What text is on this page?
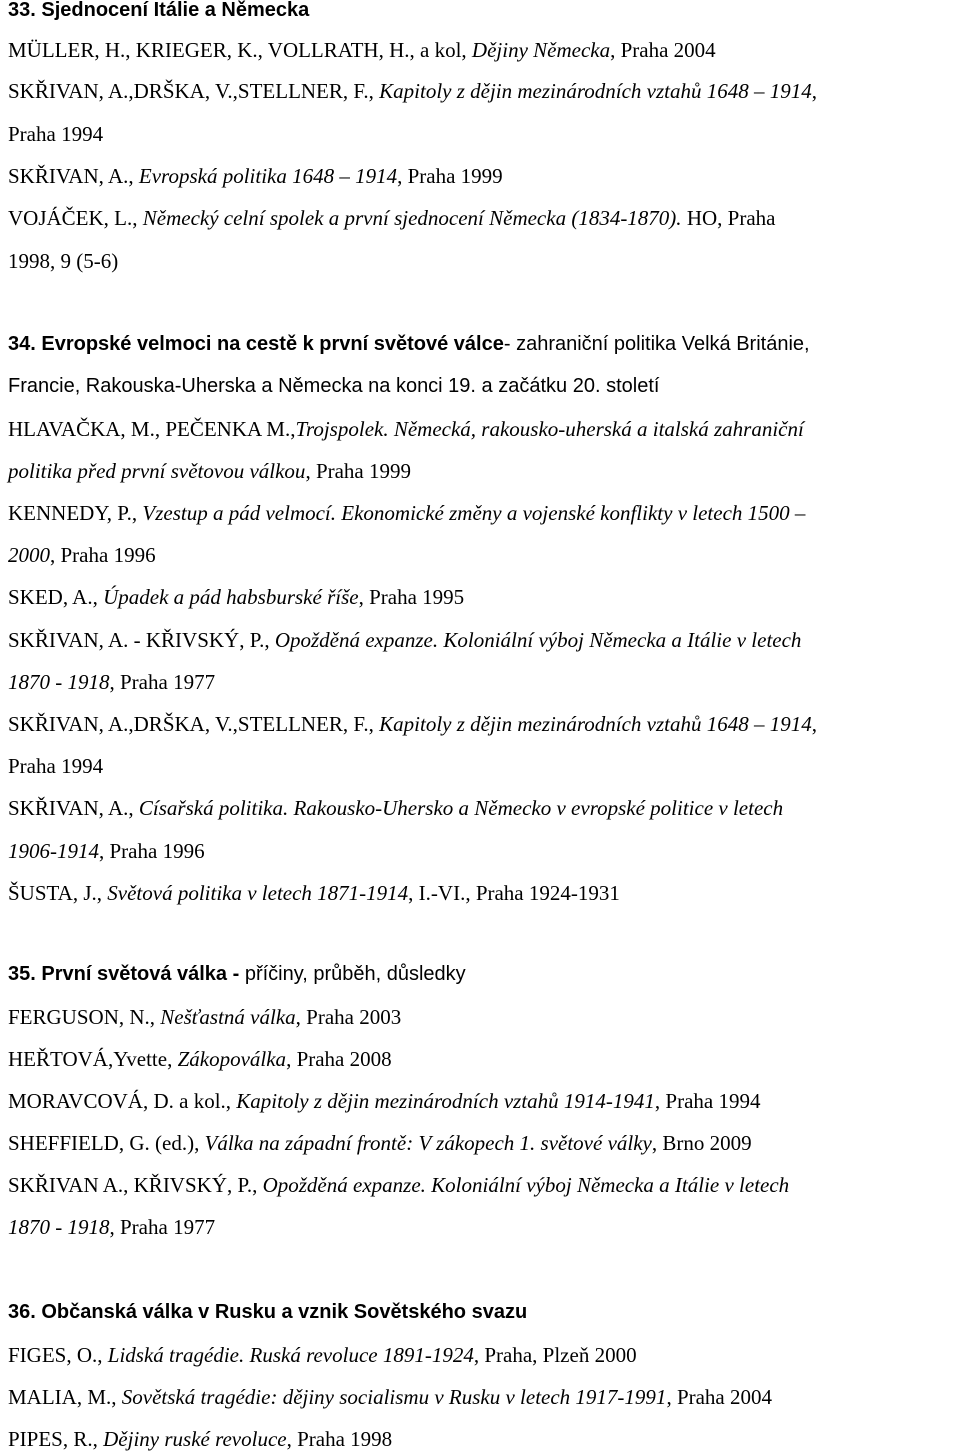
33. Sjednocení Itálie a Německa
MÜLLER, H., KRIEGER, K., VOLLRATH, H., a kol, Dějiny Německa, Praha 2004
SKŘIVAN, A.,DRŠKA, V.,STELLNER, F., Kapitoly z dějin mezinárodních vztahů 1648 – 1914,
Praha 1994
SKŘIVAN, A., Evropská politika 1648 – 1914, Praha 1999
VOJÁČEK, L., Německý celní spolek a první sjednocení Německa (1834-1870). HO, Praha
1998, 9 (5-6)
34. Evropské velmoci na cestě k první světové válce- zahraniční politika Velká Británie,
Francie, Rakouska-Uherska a Německa na konci 19. a začátku 20. století
HLAVAČKA, M., PEČENKA M.,Trojspolek. Německá, rakousko-uherská a italská zahraniční
politika před první světovou válkou, Praha 1999
KENNEDY, P., Vzestup a pád velmocí. Ekonomické změny a vojenské konflikty v letech 1500 –
2000, Praha 1996
SKED, A., Úpadek a pád habsburské říše, Praha 1995
SKŘIVAN, A. - KŘIVSKÝ, P., Opožděná expanze. Koloniální výboj Německa a Itálie v letech
1870 - 1918, Praha 1977
SKŘIVAN, A.,DRŠKA, V.,STELLNER, F., Kapitoly z dějin mezinárodních vztahů 1648 – 1914,
Praha 1994
SKŘIVAN, A., Císařská politika. Rakousko-Uhersko a Německo v evropské politice v letech
1906-1914, Praha 1996
ŠUSTA, J., Světová politika v letech 1871-1914, I.-VI., Praha 1924-1931
35. První světová válka - příčiny, průběh, důsledky
FERGUSON, N., Nešťastná válka, Praha 2003
HEŘTOVÁ,Yvette, Zákopoválka, Praha 2008
MORAVCOVÁ, D. a kol., Kapitoly z dějin mezinárodních vztahů 1914-1941, Praha 1994
SHEFFIELD, G. (ed.), Válka na západní frontě: V zákopech 1. světové války, Brno 2009
SKŘIVAN A., KŘIVSKÝ, P., Opožděná expanze. Koloniální výboj Německa a Itálie v letech
1870 - 1918, Praha 1977
36. Občanská válka v Rusku a vznik Sovětského svazu
FIGES, O., Lidská tragédie. Ruská revoluce 1891-1924, Praha, Plzeň 2000
MALIA, M., Sovětská tragédie: dějiny socialismu v Rusku v letech 1917-1991, Praha 2004
PIPES, R., Dějiny ruské revoluce, Praha 1998
